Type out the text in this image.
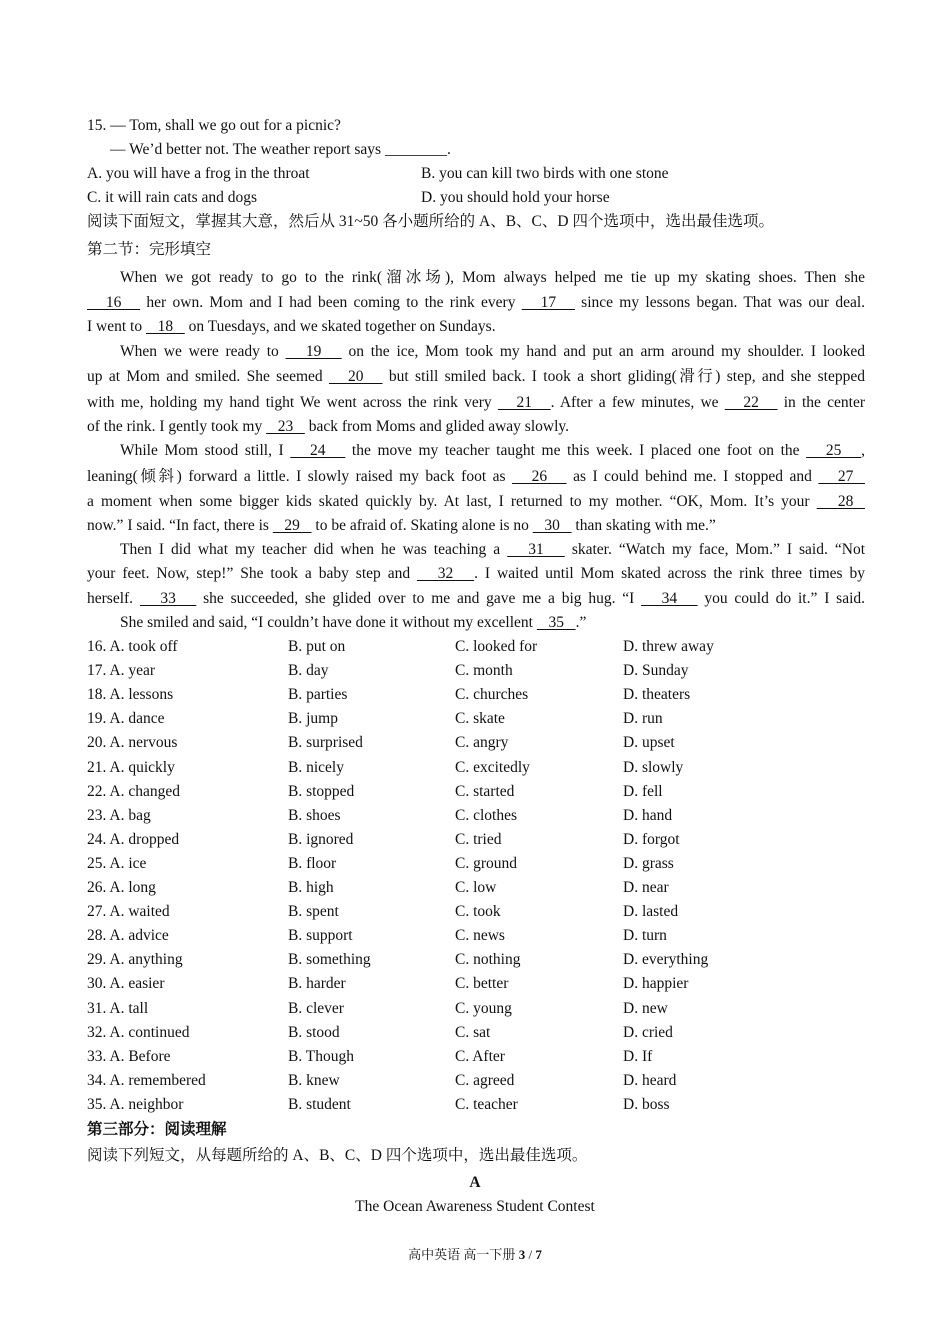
15. — Tom, shall we go out for a picnic?
— We’d better not. The weather report says ________.
A. you will have a frog in the throat	B. you can kill two birds with one stone
C. it will rain cats and dogs	D. you should hold your horse
阅读下面短文，掌握其大意，然后从 31~50 各小题所给的 A、B、C、D 四个选项中，选出最佳选项。
第二节：完形填空
When we got ready to go to the rink(溜冰场), Mom always helped me tie up my skating shoes. Then she
16    her own. Mom and I had been coming to the rink every    17    since my lessons began. That was our deal.
I went to    18    on Tuesdays, and we skated together on Sundays.
When we were ready to    19    on the ice, Mom took my hand and put an arm around my shoulder. I looked
up at Mom and smiled. She seemed    20    but still smiled back. I took a short gliding(滑行) step, and she stepped
with me, holding my hand tight We went across the rink very    21   . After a few minutes, we    22    in the center
of the rink. I gently took my    23    back from Moms and glided away slowly.
While Mom stood still, I    24    the move my teacher taught me this week. I placed one foot on the    25   ,
leaning(倾斜) forward a little. I slowly raised my back foot as    26    as I could behind me. I stopped and    27
a moment when some bigger kids skated quickly by. At last, I returned to my mother. “OK, Mom. It’s your    28
now.” I said. “In fact, there is    29    to be afraid of. Skating alone is no    30    than skating with me.”
Then I did what my teacher did when he was teaching a    31    skater. “Watch my face, Mom.” I said. “Not
your feet. Now, step!” She took a baby step and    32   . I waited until Mom skated across the rink three times by
herself.    33    she succeeded, she glided over to me and gave me a big hug. “I    34    you could do it.” I said.
She smiled and said, “I couldn’t have done it without my excellent    35   .”
16. A. took off	B. put on	C. looked for	D. threw away
17. A. year	B. day	C. month	D. Sunday
18. A. lessons	B. parties	C. churches	D. theaters
19. A. dance	B. jump	C. skate	D. run
20. A. nervous	B. surprised	C. angry	D. upset
21. A. quickly	B. nicely	C. excitedly	D. slowly
22. A. changed	B. stopped	C. started	D. fell
23. A. bag	B. shoes	C. clothes	D. hand
24. A. dropped	B. ignored	C. tried	D. forgot
25. A. ice	B. floor	C. ground	D. grass
26. A. long	B. high	C. low	D. near
27. A. waited	B. spent	C. took	D. lasted
28. A. advice	B. support	C. news	D. turn
29. A. anything	B. something	C. nothing	D. everything
30. A. easier	B. harder	C. better	D. happier
31. A. tall	B. clever	C. young	D. new
32. A. continued	B. stood	C. sat	D. cried
33. A. Before	B. Though	C. After	D. If
34. A. remembered	B. knew	C. agreed	D. heard
35. A. neighbor	B. student	C. teacher	D. boss
第三部分：阅读理解
阅读下列短文，从每题所给的 A、B、C、D 四个选项中，选出最佳选项。
A
The Ocean Awareness Student Contest
高中英语 高一下册 3 / 7
